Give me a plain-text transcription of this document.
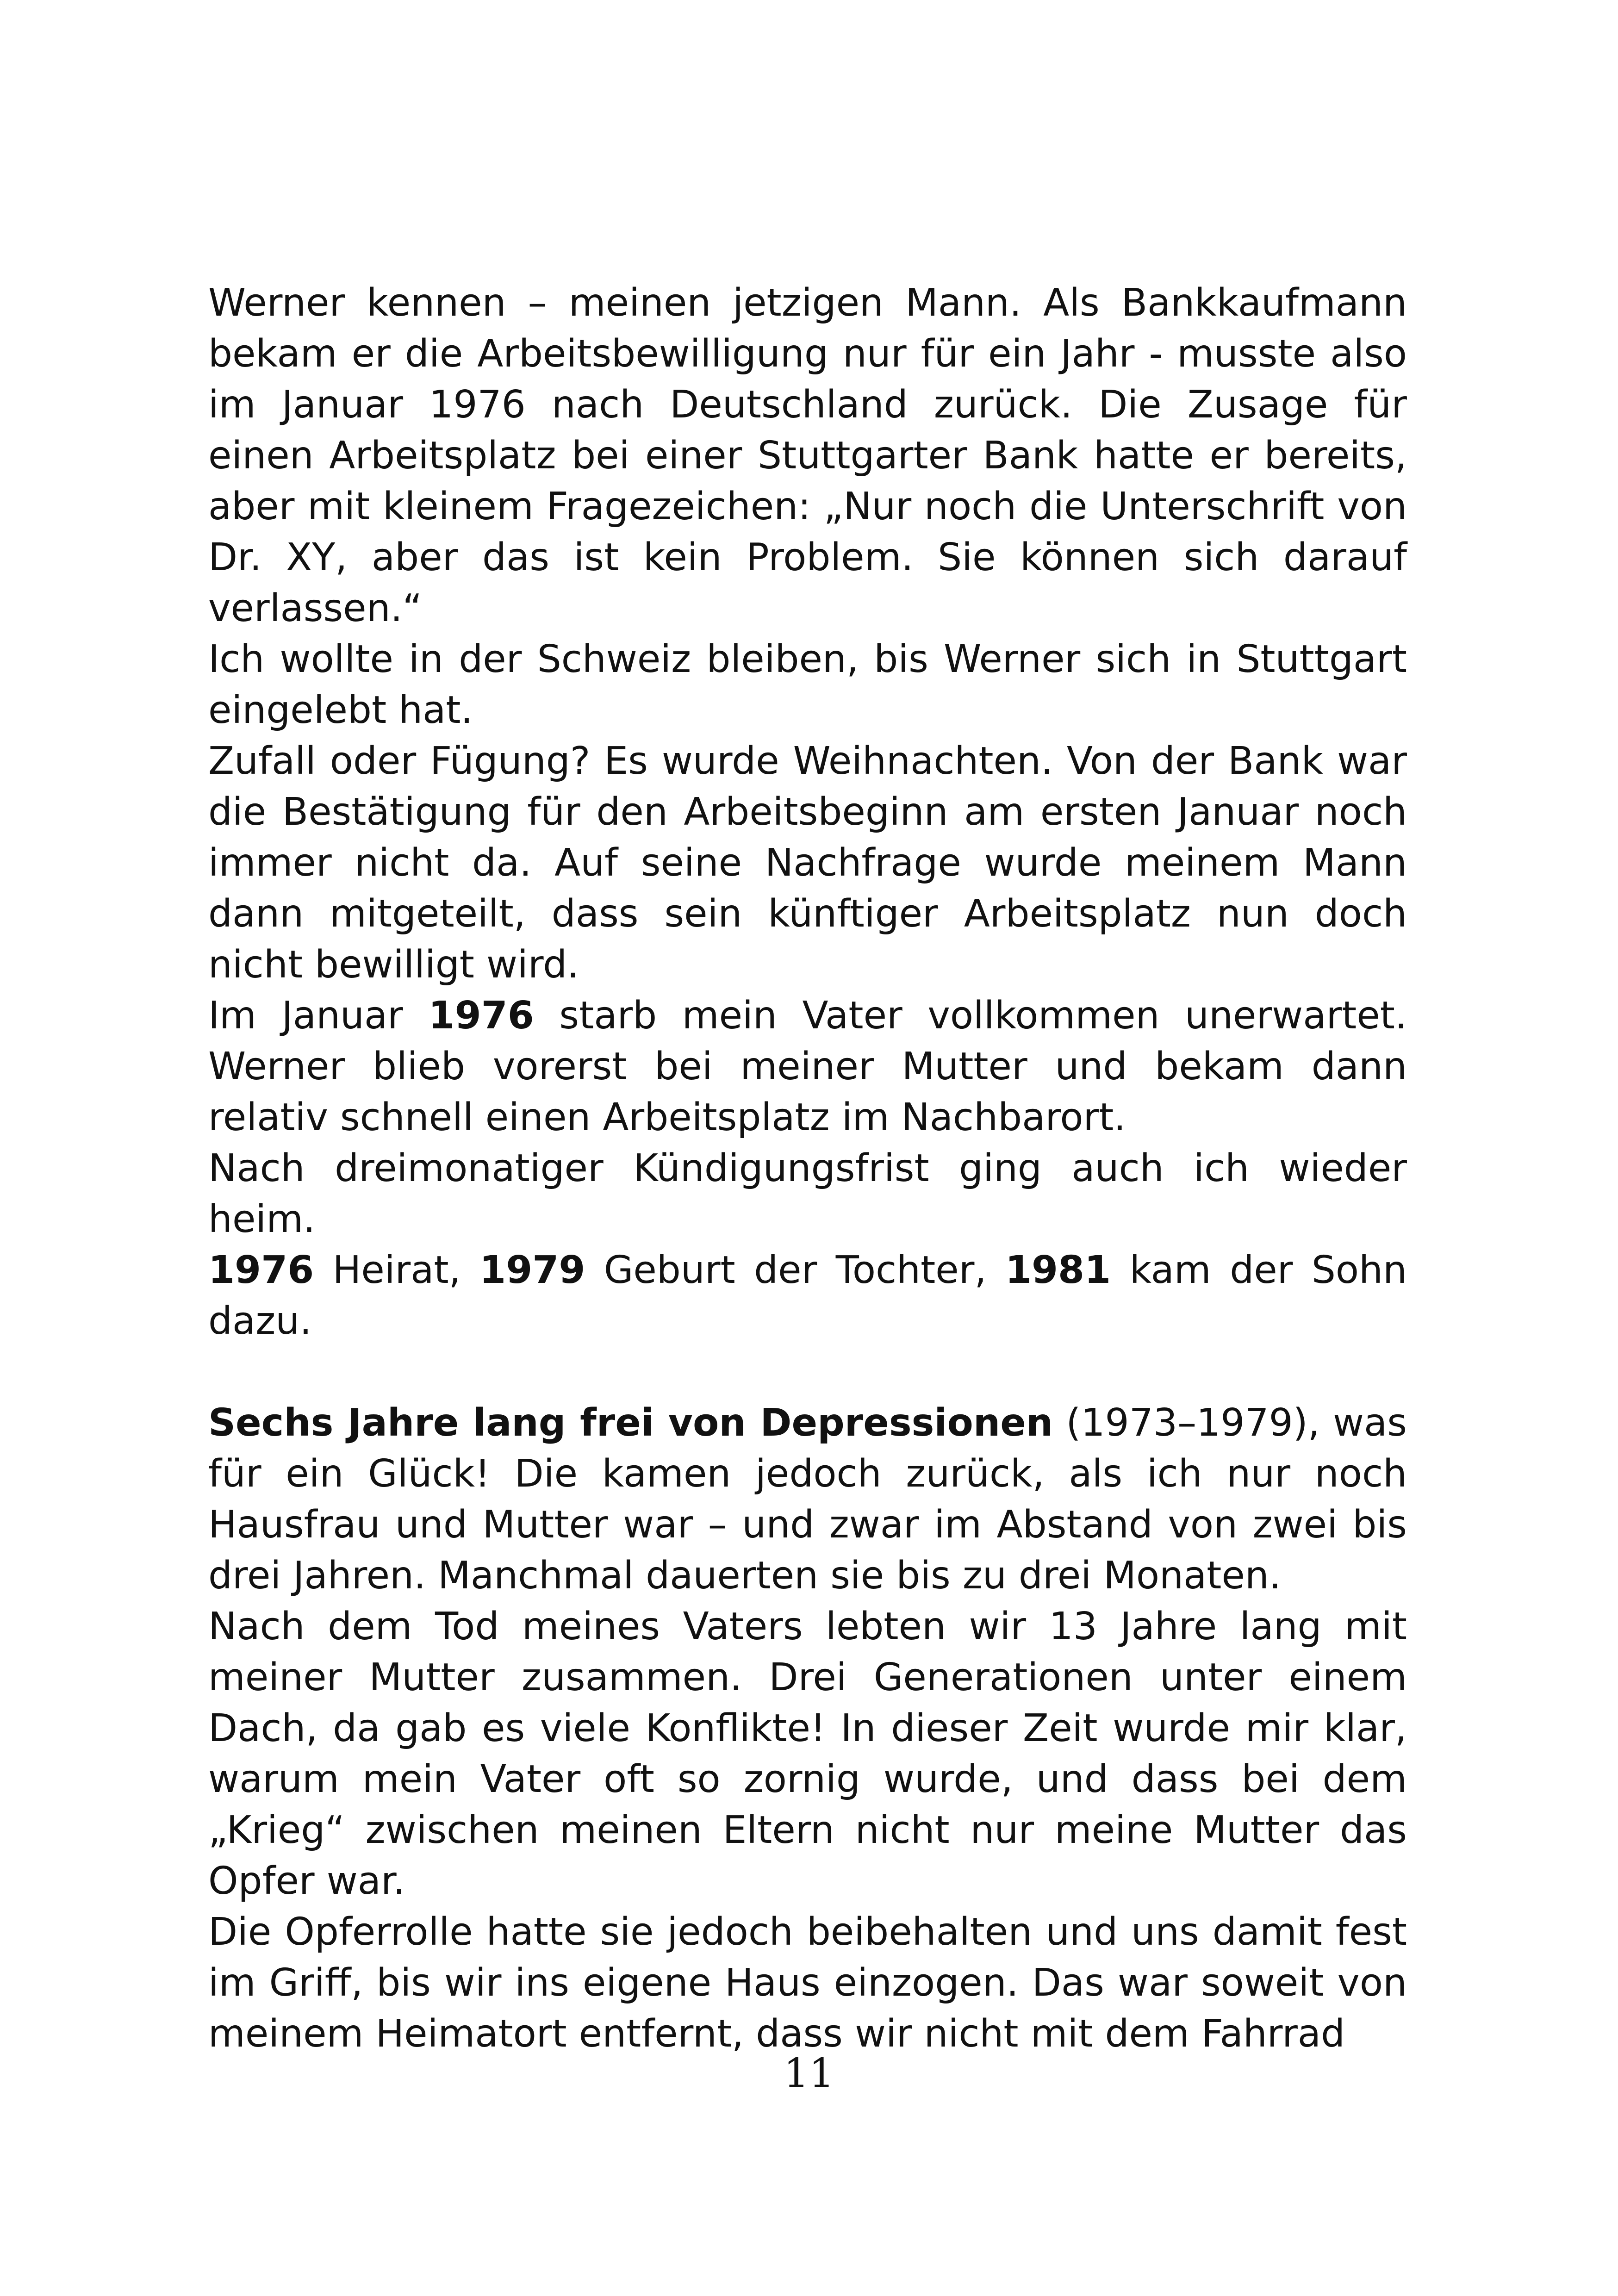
Werner kennen – meinen jetzigen Mann. Als Bankkaufmann bekam er die Arbeitsbewilligung nur für ein Jahr - musste also im Januar 1976 nach Deutschland zurück. Die Zusage für einen Arbeitsplatz bei einer Stuttgarter Bank hatte er bereits, aber mit kleinem Fragezeichen: „Nur noch die Unterschrift von Dr. XY, aber das ist kein Problem. Sie können sich darauf verlassen.“

Ich wollte in der Schweiz bleiben, bis Werner sich in Stuttgart eingelebt hat.

Zufall oder Fügung? Es wurde Weihnachten. Von der Bank war die Bestätigung für den Arbeitsbeginn am ersten Januar noch immer nicht da. Auf seine Nachfrage wurde meinem Mann dann mitgeteilt, dass sein künftiger Arbeitsplatz nun doch nicht bewilligt wird.

Im Januar 1976 starb mein Vater vollkommen unerwartet. Werner blieb vorerst bei meiner Mutter und bekam dann relativ schnell einen Arbeitsplatz im Nachbarort.

Nach dreimonatiger Kündigungsfrist ging auch ich wieder heim.

1976 Heirat, 1979 Geburt der Tochter, 1981 kam der Sohn dazu.

Sechs Jahre lang frei von Depressionen (1973–1979), was für ein Glück! Die kamen jedoch zurück, als ich nur noch Hausfrau und Mutter war – und zwar im Abstand von zwei bis drei Jahren. Manchmal dauerten sie bis zu drei Monaten.

Nach dem Tod meines Vaters lebten wir 13 Jahre lang mit meiner Mutter zusammen. Drei Generationen unter einem Dach, da gab es viele Konflikte! In dieser Zeit wurde mir klar, warum mein Vater oft so zornig wurde, und dass bei dem „Krieg“ zwischen meinen Eltern nicht nur meine Mutter das Opfer war.

Die Opferrolle hatte sie jedoch beibehalten und uns damit fest im Griff, bis wir ins eigene Haus einzogen. Das war soweit von meinem Heimatort entfernt, dass wir nicht mit dem Fahrrad

11
